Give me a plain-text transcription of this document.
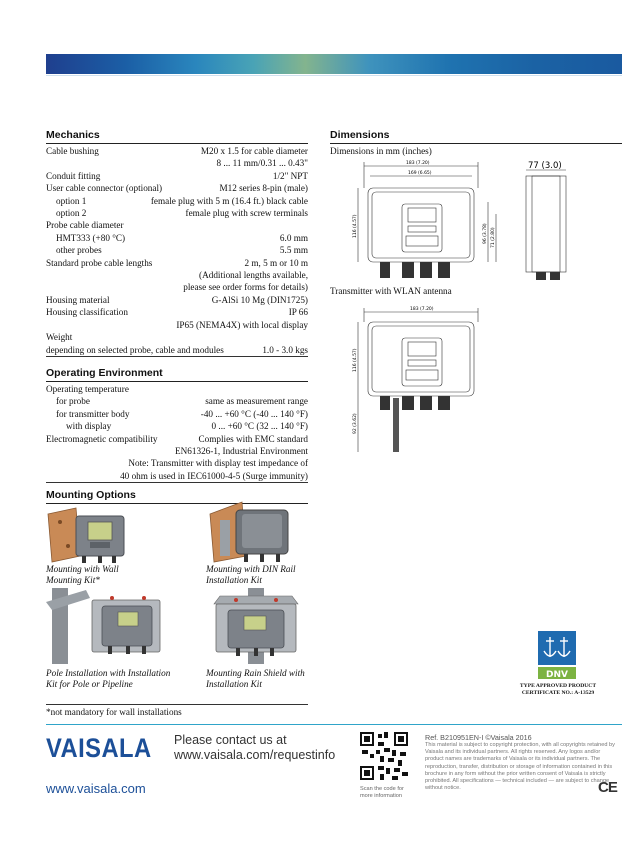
Mechanics
Cable bushing	M20 x 1.5 for cable diameter
8 ... 11 mm/0.31 ... 0.43"
Conduit fitting	1/2" NPT
User cable connector (optional)	M12 series 8-pin (male)
option 1	female plug with 5 m (16.4 ft.) black cable
option 2	female plug with screw terminals
Probe cable diameter
HMT333 (+80 °C)	6.0 mm
other probes	5.5 mm
Standard probe cable lengths	2 m, 5 m or 10 m
(Additional lengths available,
please see order forms for details)
Housing material	G-AlSi 10 Mg (DIN1725)
Housing classification	IP 66
IP65 (NEMA4X) with local display
Weight
depending on selected probe, cable and modules	1.0 - 3.0 kgs
Operating Environment
Operating temperature
for probe	same as measurement range
for transmitter body	-40 ... +60 °C (-40 ... 140 °F)
with display	0 ... +60 °C (32 ... 140 °F)
Electromagnetic compatibility	Complies with EMC standard
EN61326-1, Industrial Environment
Note: Transmitter with display test impedance of
40 ohm is used in IEC61000-4-5 (Surge immunity)
Mounting Options
Mounting with Wall
Mounting Kit*
Mounting with DIN Rail
Installation Kit
Pole Installation with Installation
Kit for Pole or Pipeline
Mounting Rain Shield with
Installation Kit
*not mandatory for wall installations
Dimensions
Dimensions in mm (inches)
183 (7.20)
169 (6.65)
77 (3.0)
116 (4.57)	96 (3.78) 71 (2.80)
Transmitter with WLAN antenna
183 (7.20)
116 (4.57)
92 (3.62)
DNV
TYPE APPROVED PRODUCT
CERTIFICATE NO.: A-13529
VAISALA
www.vaisala.com
Please contact us at
www.vaisala.com/requestinfo
Scan the code for
more information
Ref. B210951EN-I ©Vaisala 2016
This material is subject to copyright protection, with all copyrights retained by Vaisala and its individual partners. All rights reserved. Any logos and/or product names are trademarks of Vaisala or its individual partners. The reproduction, transfer, distribution or storage of information contained in this brochure in any form without the prior written consent of Vaisala is strictly prohibited. All specifications — technical included — are subject to change without notice.	CE
